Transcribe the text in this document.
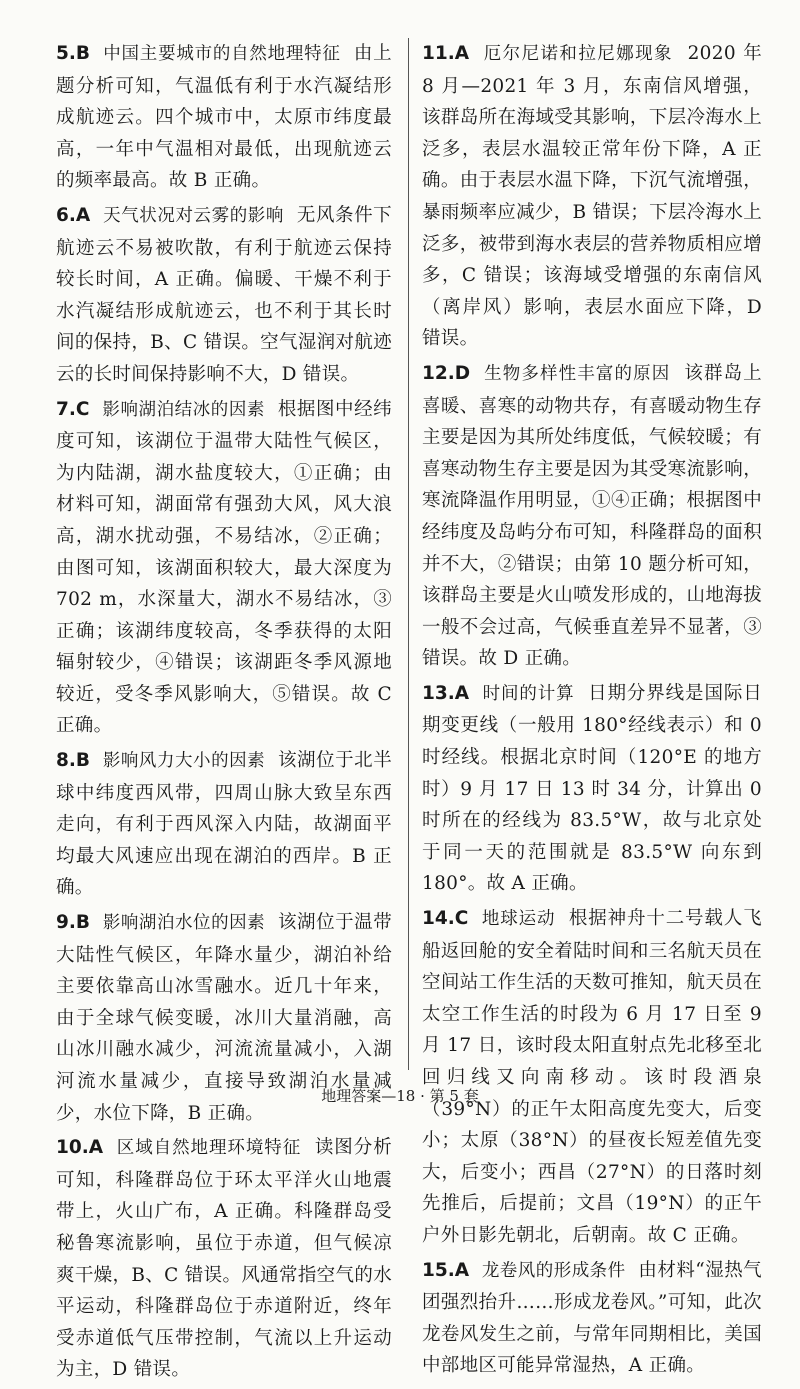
5.B 中国主要城市的自然地理特征 由上题分析可知，气温低有利于水汽凝结形成航迹云。四个城市中，太原市纬度最高，一年中气温相对最低，出现航迹云的频率最高。故 B 正确。

6.A 天气状况对云雾的影响 无风条件下航迹云不易被吹散，有利于航迹云保持较长时间，A 正确。偏暖、干燥不利于水汽凝结形成航迹云，也不利于其长时间的保持，B、C 错误。空气湿润对航迹云的长时间保持影响不大，D 错误。

7.C 影响湖泊结冰的因素 根据图中经纬度可知，该湖位于温带大陆性气候区，为内陆湖，湖水盐度较大，①正确；由材料可知，湖面常有强劲大风，风大浪高，湖水扰动强，不易结冰，②正确；由图可知，该湖面积较大，最大深度为 702 m，水深量大，湖水不易结冰，③正确；该湖纬度较高，冬季获得的太阳辐射较少，④错误；该湖距冬季风源地较近，受冬季风影响大，⑤错误。故 C 正确。

8.B 影响风力大小的因素 该湖位于北半球中纬度西风带，四周山脉大致呈东西走向，有利于西风深入内陆，故湖面平均最大风速应出现在湖泊的西岸。B 正确。

9.B 影响湖泊水位的因素 该湖位于温带大陆性气候区，年降水量少，湖泊补给主要依靠高山冰雪融水。近几十年来，由于全球气候变暖，冰川大量消融，高山冰川融水减少，河流流量减小，入湖河流水量减少，直接导致湖泊水量减少，水位下降，B 正确。

10.A 区域自然地理环境特征 读图分析可知，科隆群岛位于环太平洋火山地震带上，火山广布，A 正确。科隆群岛受秘鲁寒流影响，虽位于赤道，但气候凉爽干燥，B、C 错误。风通常指空气的水平运动，科隆群岛位于赤道附近，终年受赤道低气压带控制，气流以上升运动为主，D 错误。

11.A 厄尔尼诺和拉尼娜现象 2020 年 8 月—2021 年 3 月，东南信风增强，该群岛所在海域受其影响，下层冷海水上泛多，表层水温较正常年份下降，A 正确。由于表层水温下降，下沉气流增强，暴雨频率应减少，B 错误；下层冷海水上泛多，被带到海水表层的营养物质相应增多，C 错误；该海域受增强的东南信风（离岸风）影响，表层水面应下降，D 错误。

12.D 生物多样性丰富的原因 该群岛上喜暖、喜寒的动物共存，有喜暖动物生存主要是因为其所处纬度低，气候较暖；有喜寒动物生存主要是因为其受寒流影响，寒流降温作用明显，①④正确；根据图中经纬度及岛屿分布可知，科隆群岛的面积并不大，②错误；由第 10 题分析可知，该群岛主要是火山喷发形成的，山地海拔一般不会过高，气候垂直差异不显著，③错误。故 D 正确。

13.A 时间的计算 日期分界线是国际日期变更线（一般用 180°经线表示）和 0 时经线。根据北京时间（120°E 的地方时）9 月 17 日 13 时 34 分，计算出 0 时所在的经线为 83.5°W，故与北京处于同一天的范围就是 83.5°W 向东到 180°。故 A 正确。

14.C 地球运动 根据神舟十二号载人飞船返回舱的安全着陆时间和三名航天员在空间站工作生活的天数可推知，航天员在太空工作生活的时段为 6 月 17 日至 9 月 17 日，该时段太阳直射点先北移至北回归线又向南移动。该时段酒泉（39°N）的正午太阳高度先变大，后变小；太原（38°N）的昼夜长短差值先变大，后变小；西昌（27°N）的日落时刻先推后，后提前；文昌（19°N）的正午户外日影先朝北，后朝南。故 C 正确。

15.A 龙卷风的形成条件 由材料“湿热气团强烈抬升……形成龙卷风。”可知，此次龙卷风发生之前，与常年同期相比，美国中部地区可能异常湿热，A 正确。

地理答案—18 · 第 5 套
